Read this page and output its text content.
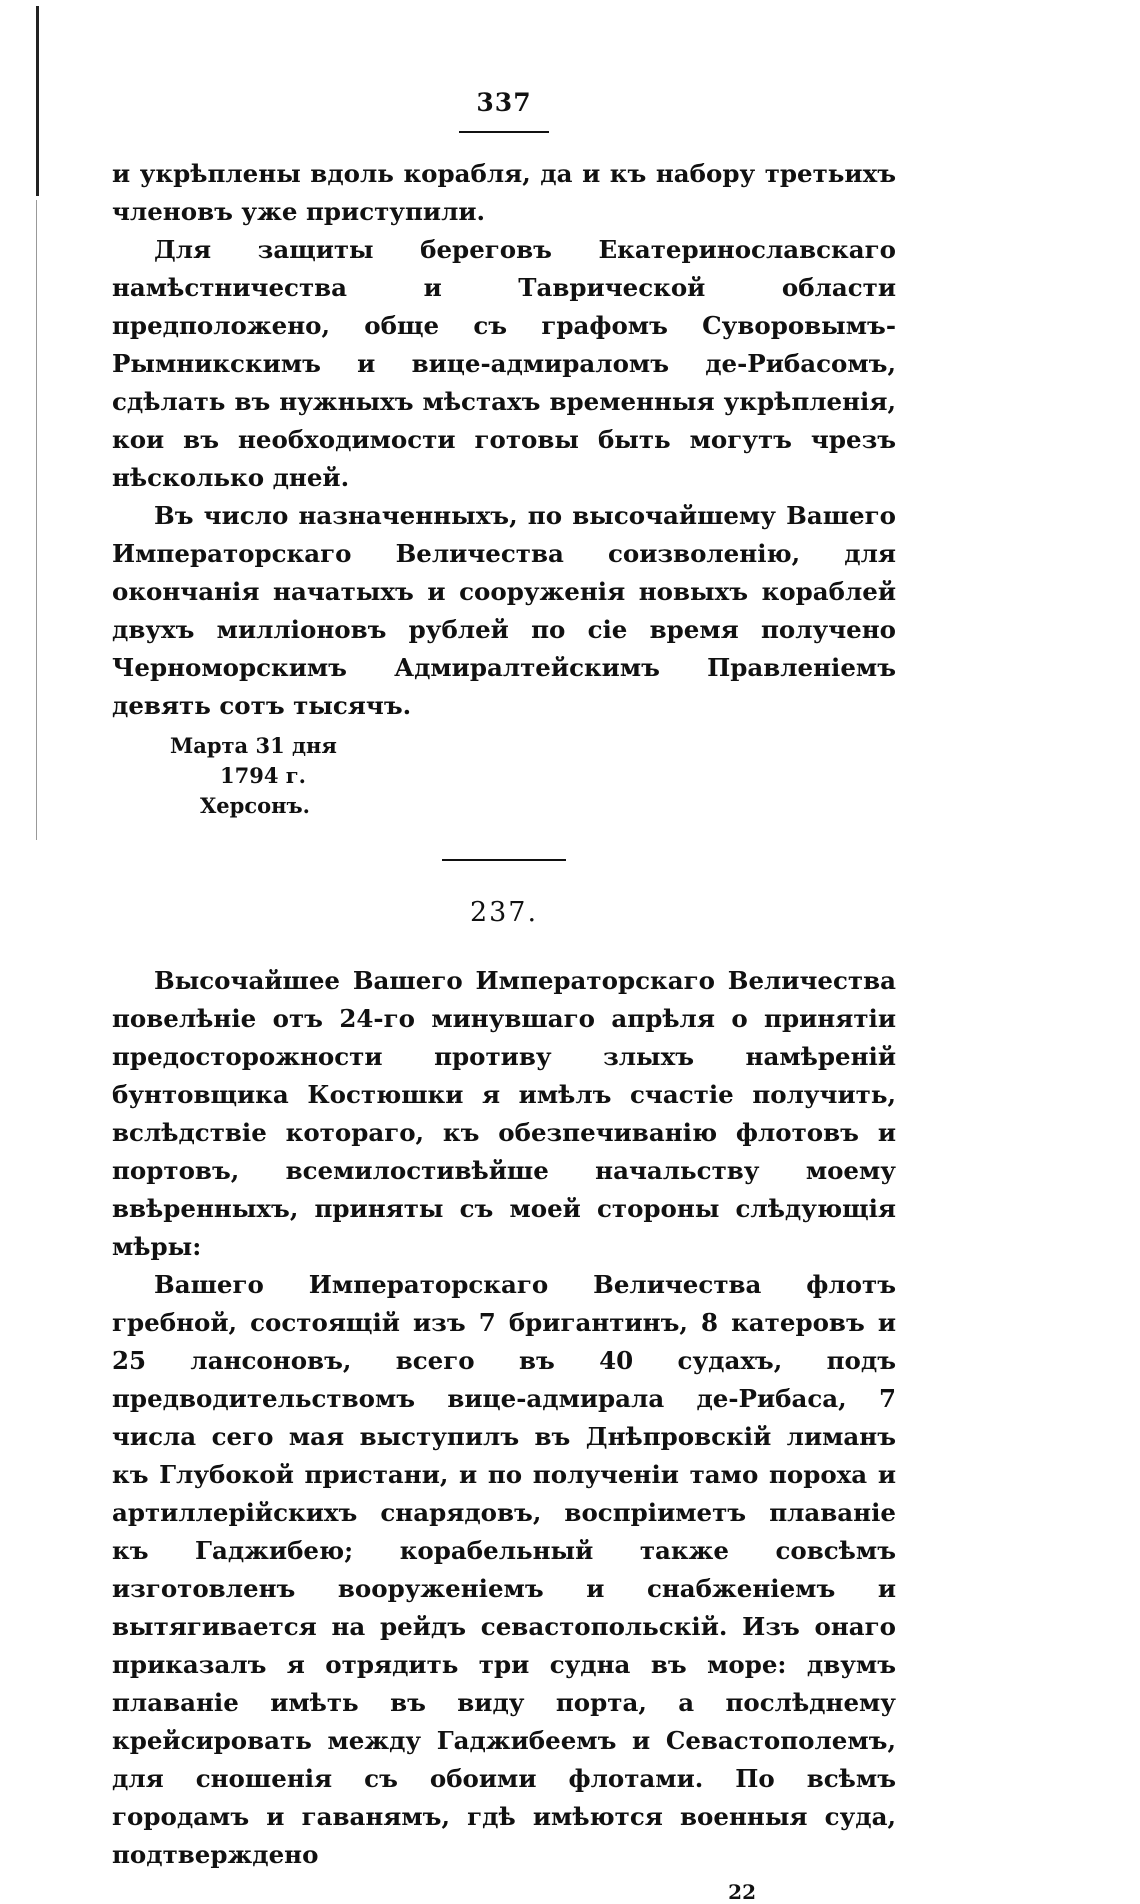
337

и укрѣплены вдоль корабля, да и къ набору третьихъ членовъ уже приступили.

Для защиты береговъ Екатеринославскаго намѣстничества и Таврической области предположено, обще съ графомъ Суворовымъ-Рымникскимъ и вице-адмираломъ де-Рибасомъ, сдѣлать въ нужныхъ мѣстахъ временныя укрѣпленія, кои въ необходимости готовы быть могутъ чрезъ нѣсколько дней.

Въ число назначенныхъ, по высочайшему Вашего Императорскаго Величества соизволенію, для окончанія начатыхъ и сооруженія новыхъ кораблей двухъ милліоновъ рублей по сіе время получено Черноморскимъ Адмиралтейскимъ Правленіемъ девять сотъ тысячъ.

Марта 31 дня
1794 г.
Херсонъ.
237.

Высочайшее Вашего Императорскаго Величества повелѣніе отъ 24-го минувшаго апрѣля о принятіи предосторожности противу злыхъ намѣреній бунтовщика Костюшки я имѣлъ счастіе получить, вслѣдствіе котораго, къ обезпечиванію флотовъ и портовъ, всемилостивѣйше начальству моему ввѣренныхъ, приняты съ моей стороны слѣдующія мѣры:

Вашего Императорскаго Величества флотъ гребной, состоящій изъ 7 бригантинъ, 8 катеровъ и 25 лансоновъ, всего въ 40 судахъ, подъ предводительствомъ вице-адмирала де-Рибаса, 7 числа сего мая выступилъ въ Днѣпровскій лиманъ къ Глубокой пристани, и по полученіи тамо пороха и артиллерійскихъ снарядовъ, воспріиметъ плаваніе къ Гаджибею; корабельный также совсѣмъ изготовленъ вооруженіемъ и снабженіемъ и вытягивается на рейдъ севастопольскій. Изъ онаго приказалъ я отрядить три судна въ море: двумъ плаваніе имѣть въ виду порта, а послѣднему крейсировать между Гаджибеемъ и Севастополемъ, для сношенія съ обоими флотами. По всѣмъ городамъ и гаванямъ, гдѣ имѣются военныя суда, подтверждено

22
